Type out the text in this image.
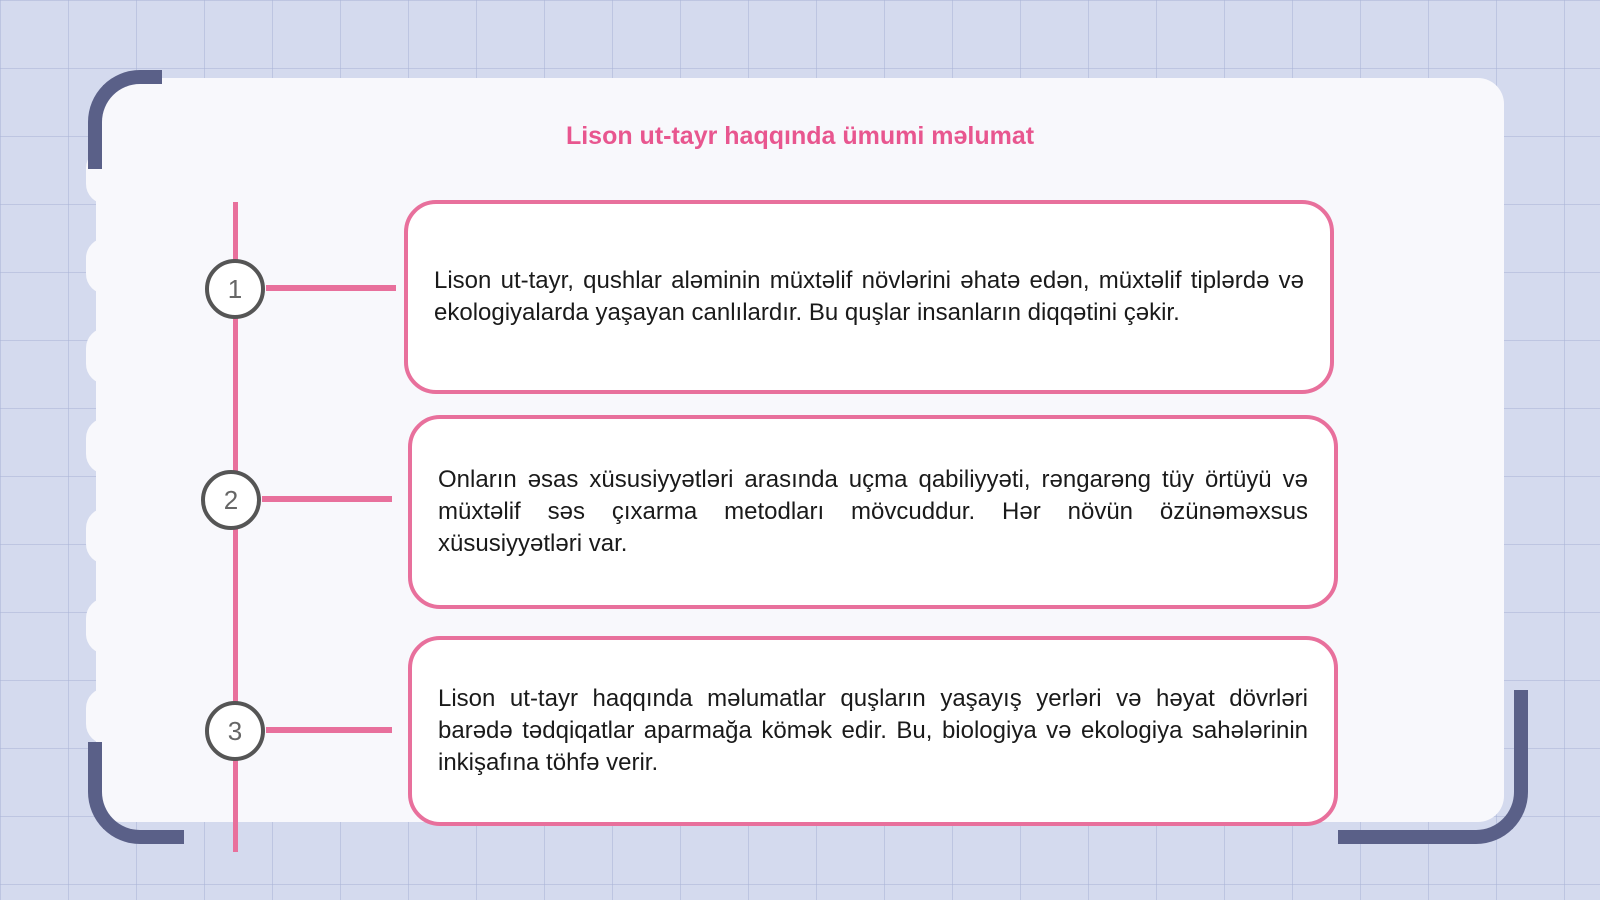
Lison ut-tayr haqqında ümumi məlumat
1
2
3

Lison ut-tayr, qushlar aləminin müxtəlif növlərini əhatə edən, müxtəlif tiplərdə və ekologiyalarda yaşayan canlılardır. Bu quşlar insanların diqqətini çəkir.

Onların əsas xüsusiyyətləri arasında uçma qabiliyyəti, rəngarəng tüy örtüyü və müxtəlif səs çıxarma metodları mövcuddur. Hər növün özünəməxsus xüsusiyyətləri var.

Lison ut-tayr haqqında məlumatlar quşların yaşayış yerləri və həyat dövrləri barədə tədqiqatlar aparmağa kömək edir. Bu, biologiya və ekologiya sahələrinin inkişafına töhfə verir.
